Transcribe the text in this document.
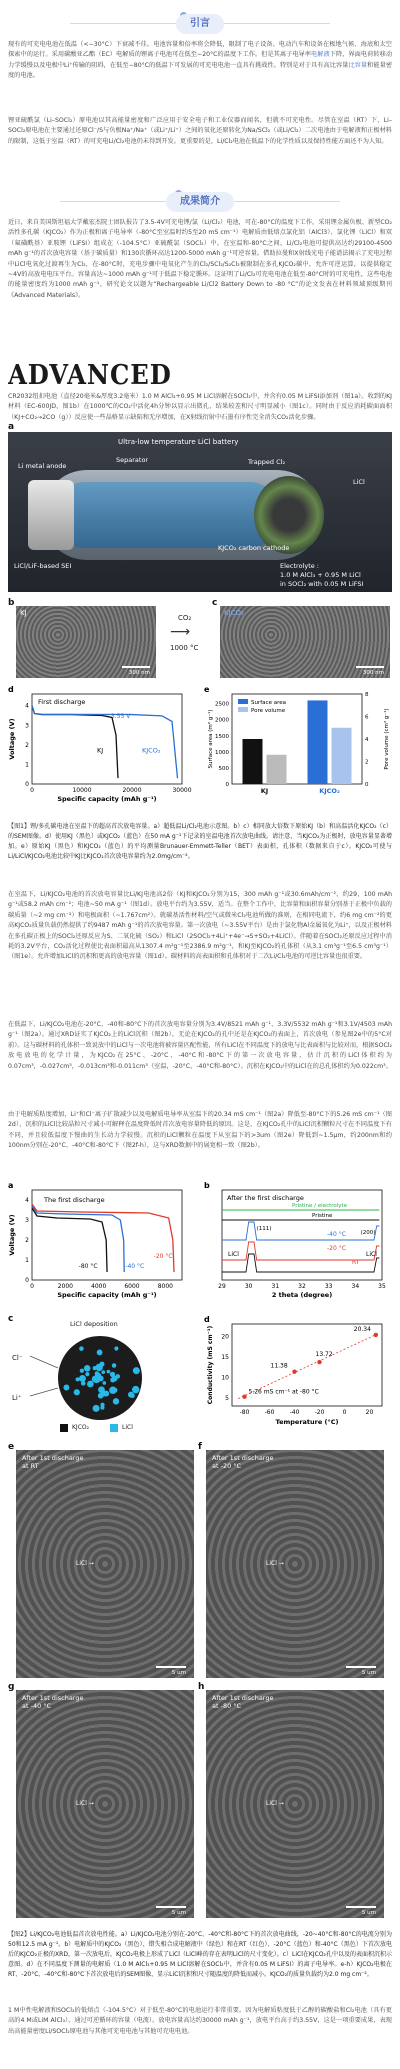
引言
现有的可充电电池在低温（<−30°C）下衰减不佳。电池容量和倍率将会降低，限制了电子设备、电动汽车和设备在极地气候、海底和太空探索中的运行。采用碳酸亚乙酯（EC）电解质的锂离子电池可在低至−20°C的温度下工作。但是其离子电导率电解液下降，界面电荷转移动力学缓慢以及电极中Li⁺传输的阻碍，在低至−80°C的低温下可发展的可充电电池一直具有挑战性。特别是对于具有高比容量比容量和能量密度的电池。
锂亚硫酰氯（Li–SOCl₂）原电池以其高能量密度和广泛应用于安全电子和工业仪器而闻名，但就不可充电性。尽管在室温（RT）下，Li–SOCl₂原电池在主要通过还原Cl⁻/S与负极Na⁺/Na⁺（或Li⁺/Li⁺）之间的氧化还原转化为Na/SCl₂（或Li/Cl₂）二次电池由于电解液和正极材料的限制，这低于室温（RT）的可充电Li/Cl₂电池仍未得到开发。更重要的是，Li/Cl₂电池在低温下的化学性质以及保持性能方面还不为人知。
成果简介
近日，来自美国斯坦福大学戴宏杰院士团队报告了3.5-4V可充电锂/氯（Li/Cl₂）电池，可在-80°C的温度下工作，采用锂金属负极、新型CO₂活性多孔碳（KJCO₂）作为正极和离子电导率（-80°C至室温时约5至20 mS cm⁻¹）电解质由低熔点氯化铝（AlCl3）、氯化锂（LiCl）和双（氟磺酰基）亚胺锂（LiFSI）组成在（-104.5°C）亚硫酰氯（SOCl₂）中。在室温和-80°C之间，Li/Cl₂电池可提供高达约29100-4500 mAh g⁻¹的首次放电容量（基于碳质量）和130次循环高达1200-5000 mAh g⁻¹可逆容量。借助拉曼和X射线光电子能谱法揭示了充电过程中LiCl电氧化过渡再生为Cl₂，在-80°C时，充电步骤中电氧化产生的Cl₂/SCl₂/S₂Cl₂被限制在多孔KJCO₂碳中，允许可逆运算，以提供稳定~4V的高放电电压平台。容量高达~1000 mAh g⁻¹可于低温下稳定循环。这证明了Li/Cl₂可充电电池在低至-80°C时的可充电性，这些电池的能量密度约为1000 mAh g⁻¹，研究论文以题为“Rechargeable Li/Cl2 Battery Down to -80 °C”的论文发表在材料领域顶级期刊《Advanced Materials》。
ADVANCED
CR2032纽扣电池（直径20毫米&厚度3.2毫米）1.0 M AlCl₃+0.95 M LiCl溶解在SOCl₂中，并含有0.05 M LiFSI添加剂（图1a）。收到的KJ材料（EC-600JD，图1b）在1000℃的CO₂中活化4h分钟以显示出微孔，结果较差和尺寸明显减小（图1c）。同时由于反应消耗碳面面积（KJ+CO₂→2CO（g））反应使一些晶格显示缺陷和无序增加，在X射线衍射中石墨有序性完全消失CO₂活化步骤。
a
Ultra-low temperature LiCl battery
Li metal anode
Separator	Trapped Cl₂
LiCl
LiCl/LiF-based SEI
KJCO₂ carbon cathode
Electrolyte :
1.0 M AlCl₃ + 0.95 M LiCl
in SOCl₂ with 0.05 M LiFSI
b
KJ
300 nm
CO₂
⟶
1000 °C
c
KJCO₂
300 nm
d
0
1
2
3
4
0	10000	20000	30000
Specific capacity (mAh g⁻¹)
Voltage (V)
First discharge
~ 3.55 V
KJ	KJCO₂
e
0
500
1000
1500
2000
2500
0
2
4
6
8
KJ	KJCO₂
Surface area
Pore volume
Surface area (m² g⁻¹)	Pore volume (cm³ g⁻¹)
【图1】锂/多孔碳电池在室温下的超高首次放电容量。a）超低温Li/Cl₂电池示意图。b）c）相同放大倍数下原始KJ（b）和高温活化KJCO₂（c）的SEM图像。d）使用KJ（黑色）或KJCO₂（蓝色）在50 mA g⁻¹下记录的室温电池首次放电曲线。请注意，当KJCO₂为正极时，放电容量显著增加。e）原始KJ（黑色）和KJCO₂（蓝色）的平均测量Brunauer-Emmett-Teller（BET）表面积，孔体积（数据来自于c）。KJCO₂可使与Li/LiCl/KJCO₂电池比较中KJ比KJCO₂首次放电容量约为2.0mg/cm⁻²。
在室温下，Li/KJCO₂电池的首次放电容量比Li/KJ电池高2倍（KJ和KJCO₂分别为15，300 mAh g⁻¹或30.6mAh/cm⁻²，约29，100 mAh g⁻¹或58.2 mAh cm⁻²；电池~50 mA g⁻¹（图1d）。放电平台约为3.55V，适当。在整个工作中，比容量和面积容量分别基于正极中负载的碳质量（~2 mg cm⁻²）和电极面积（~1.767cm²）。就碳基活性材料/空气或微米Cl₂电池所做的准则，在相同电流下，约6 mg cm⁻²的更高KJCO₂质量负载仍然提供了约9487 mAh g⁻¹的首次放电容量。第一次放电（~3.55V平台）是由于氯化物Al金属氧化为Li⁺，以及正极材料在多孔碳正极上的SOCl₂还原反应为S、二氧化硫（SO₂）和LiCl（2SOCl₂+4Li⁺+4e⁻→S+SO₂+4LiCl）。伴随着在SOCl₂还原反应过程中消耗的3.2V平台，CO₂活化过程使比表面积最高从1307.4 m²g⁻¹至2386.9 m²g⁻¹，和KJ至KJCO₂的孔体积（从3.1 cm³g⁻¹至6.5 cm³g⁻¹）（图1e）。允许增加LiCl的沉积和更高的放电容量（图1d）。碳材料的高表面积和孔体积对于二次Li/Cl₂电池的可逆比容量也很重要。
在低温下，Li/KJCO₂电池在-20°C、-40和-80°C下的首次放电容量分别为3.4V/8521 mAh g⁻¹、3.3V/5532 mAh g⁻¹和3.1V/4503 mAh g⁻¹（图2a）。通过XRD证实了KJCO₂上的LiCl沉积（图2b），无论在KJCO₂的孔中还是在KJCO₂的表面上，首次放电（参见图2e中的5°C对前）。这与碳材料的孔体积一致说放中的LiCl与一次电池将被容量匹配性能，所有LiCl在不同温度下的放电与比表面积与比较对而，根据SOCl₂放电放电的化学计量，为KJCO₂在25°C、-20°C、-40°C和-80°C下的第一次放电容量，估计沉积的LiCl体积约为0.07cm³，-0.027cm³，-0.013cm³和-0.011cm³（室温，-20°C，-40°C和-80°C）。沉积在KJCO₂中的LiCl在的总孔体积约为0.022cm³。
由于电解质粘度增加，Li⁺和Cl⁻离子扩散减少以及电解质电导率从室温下的20.34 mS cm⁻¹（图2a）降低至-80°C下的5.26 mS cm⁻¹（图2d），沉积的LiCl比较晶粒尺寸减小可解释在温度降低时首次放电容量降低的原因。这是，在KJCO₂孔中的LiCl沉积颗粒尺寸在不同温度下有不同，并且较低温度下慢曲的生长动力学较慢。沉积的LiCl颗粒在温度下从室温下的>3um（图2e）降低到~1.5μm，约200nm和约100nm分别在-20°C、-40°C和-80°C下（图2f-h），这与XRD数据中的展宽相一致（图2b）。
a
0
1
2
3
4
0	2000	4000	6000	8000
Specific capacity (mAh g⁻¹)
Voltage (V)
The first discharge
-80 °C	-40 °C
-20 °C
b
29	30	31	32	33	34	35
2 theta (degree)
After the first discharge
Pristine / electrolyte
Pristine
(111)
(200)
-40 °C
-20 °C
RT
LiCl	LiCl
c	LiCl deposition
Cl⁻
Li⁺
KJCO₂	LiCl
d
5
10
15
20
-80	-60	-40	-20	0	20
Temperature (°C)
Conductivity (mS cm⁻¹)	5.26 mS cm⁻¹ at -80 °C
11.38
13.72
20.34
e
After 1st discharge
at RT
LiCl →
5 um
f
After 1st discharge
at -20 °C
LiCl →
5 um
g
After 1st discharge
at -40 °C
LiCl →
5 um
h
After 1st discharge
at -80 °C
LiCl →
5 um
【图2】Li/KJCO₂电池低温首次放电性能。a）Li/KJCO₂电池分别在-20°C、-40°C和-80°C下的首次放电曲线，-20~40°C和-80°C的电流分别为50和12.5 mA g⁻¹。b）电解质中的KJCO₂（黑色）、错失相合成电解液中（绿色）和在RT（红色）、-20°C（蓝色）和-40°C（黑色）下首次放电后的KJCO₂正极的XRD，第一次放电后，KJCO₂电极上形成了LiCl（LiCl峰的存在表明LiCl的尺寸变化）。c）LiCl在KJCO₂孔中以及的表面积沉积示意图。d）在不同温度下测量的电解质（1.0 M AlCl₃+0.95 M LiCl溶解在SOCl₂中，并含有0.05 M LiFSI）的离子电导率。e-h）KJCO₂电极在RT、-20°C、-40°C和-80°C下首次放电后的SEM图像，显示LiCl沉积和尺寸随温度的降低而减小。KJCO₂的质量负载约为2.0 mg cm⁻²。
1 M中性电解液和SOCl₂的低熔点（-104.5°C）对于低至-80°C的电池运行非常重要。因为电解质粘度低于乙醇的碳酸盐和Cl₂电池（具有更高的4 M或LiM AlCl₃），通过可逆循环的容量（电流）。放电容量高达约30000 mAh g⁻¹，放电平台高于约3.55V，这是一项重要成果，表现出高能量密度Li/SOCl₂原电池与其他可充电电池与其他可充电电池。
